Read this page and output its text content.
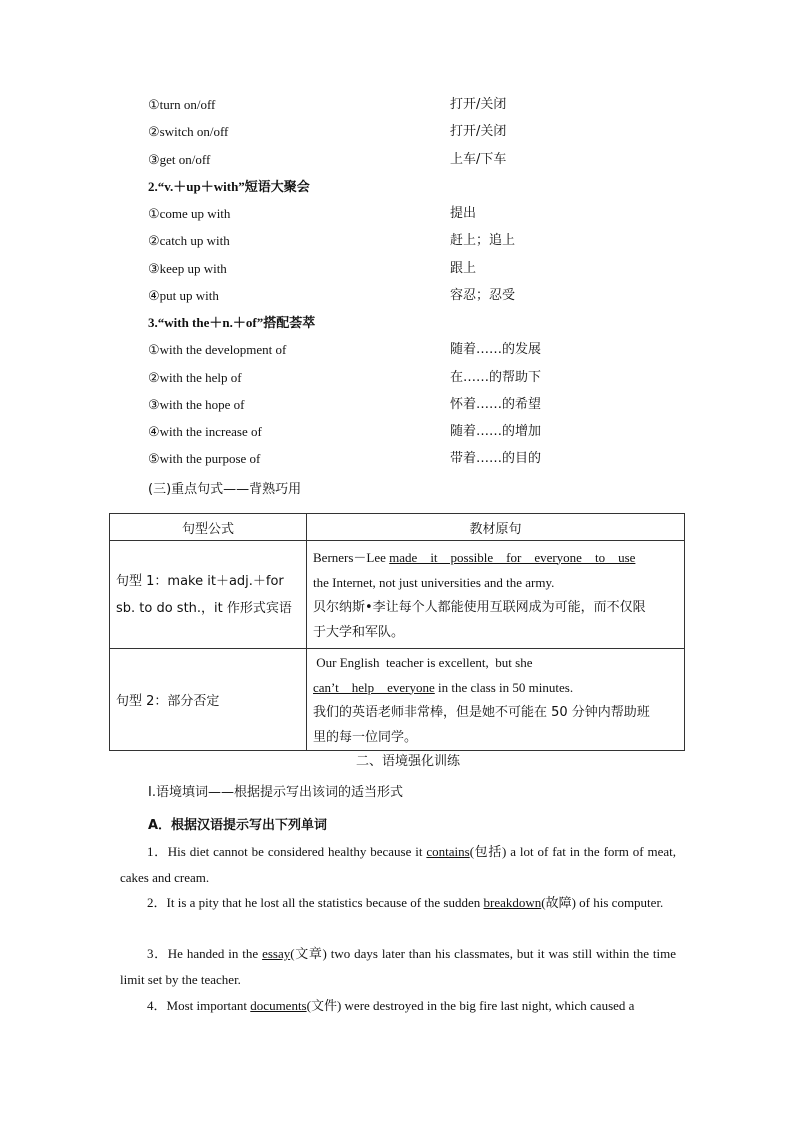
①turn on/off	打开/关闭
②switch on/off	打开/关闭
③get on/off	上车/下车
2.“v.＋up＋with”短语大聚会
①come up with	提出
②catch up with	赶上；追上
③keep up with	跟上
④put up with	容忍；忍受
3.“with the＋n.＋of”搭配荟萃
①with the development of	随着……的发展
②with the help of	在……的帮助下
③with the hope of	怀着……的希望
④with the increase of	随着……的增加
⑤with the purpose of	带着……的目的
(三)重点句式——背熟巧用
句型公式	教材原句
句型 1：make it＋adj.＋for sb. to do sth.，it 作形式宾语	Berners－Lee made　it　possible　for　everyone　to　use
the Internet, not just universities and the army.
贝尔纳斯•李让每个人都能使用互联网成为可能，而不仅限
于大学和军队。

句型 2：部分否定	Our English  teacher is excellent,  but she
can’t　help　everyone in the class in 50 minutes.
我们的英语老师非常棒，但是她不可能在 50 分钟内帮助班
里的每一位同学。
二、语境强化训练
Ⅰ.语境填词——根据提示写出该词的适当形式
A．根据汉语提示写出下列单词
1．His diet cannot be considered healthy because it contains(包括) a lot of fat in the form of meat, cakes and cream.
2．It is a pity that he lost all the statistics because of the sudden breakdown(故障) of his computer.
3．He handed in the essay(文章) two days later than his classmates, but it was still within the time limit set by the teacher.
4．Most important documents(文件) were destroyed in the big fire last night, which caused a
